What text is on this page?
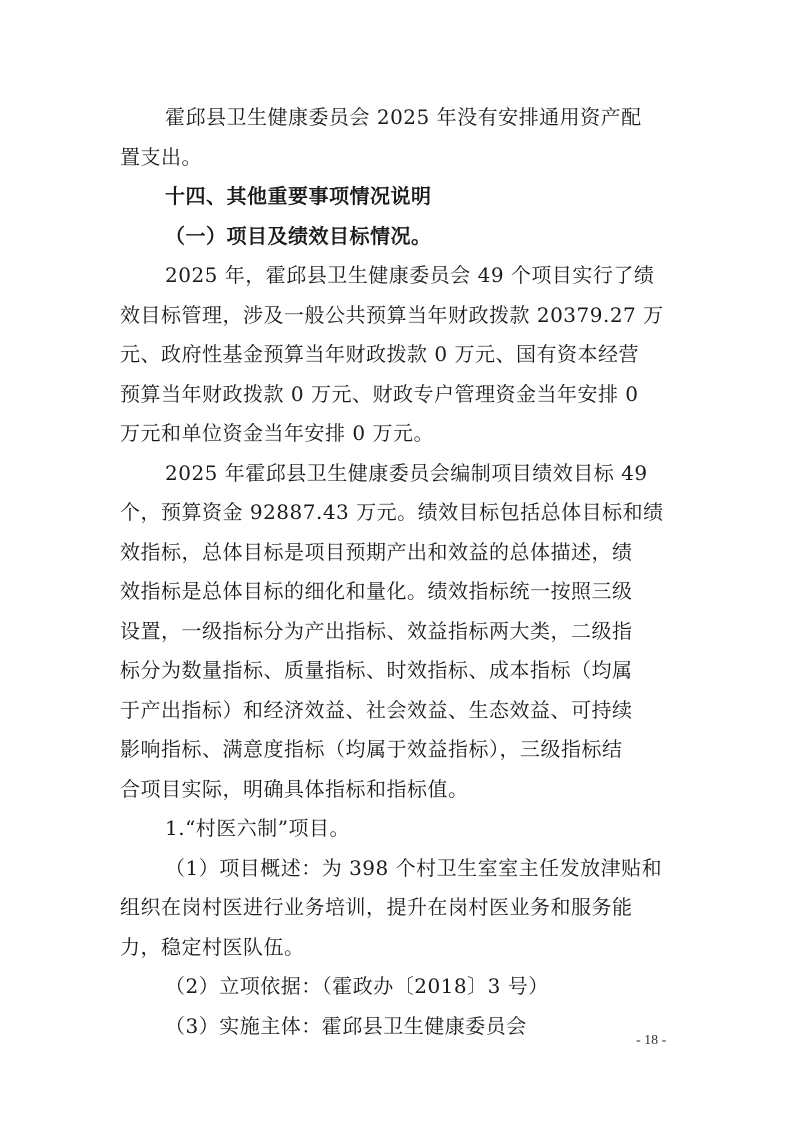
霍邱县卫生健康委员会 2025 年没有安排通用资产配
置支出。
十四、其他重要事项情况说明
（一）项目及绩效目标情况。
2025 年，霍邱县卫生健康委员会 49 个项目实行了绩
效目标管理，涉及一般公共预算当年财政拨款 20379.27 万
元、政府性基金预算当年财政拨款 0 万元、国有资本经营
预算当年财政拨款 0 万元、财政专户管理资金当年安排 0
万元和单位资金当年安排 0 万元。
2025 年霍邱县卫生健康委员会编制项目绩效目标 49
个，预算资金 92887.43 万元。绩效目标包括总体目标和绩
效指标，总体目标是项目预期产出和效益的总体描述，绩
效指标是总体目标的细化和量化。绩效指标统一按照三级
设置，一级指标分为产出指标、效益指标两大类，二级指
标分为数量指标、质量指标、时效指标、成本指标（均属
于产出指标）和经济效益、社会效益、生态效益、可持续
影响指标、满意度指标（均属于效益指标），三级指标结
合项目实际，明确具体指标和指标值。
1.“村医六制”项目。
（1）项目概述：为 398 个村卫生室室主任发放津贴和
组织在岗村医进行业务培训，提升在岗村医业务和服务能
力，稳定村医队伍。
（2）立项依据：（霍政办〔2018〕3 号）
（3）实施主体：霍邱县卫生健康委员会
- 18 -
